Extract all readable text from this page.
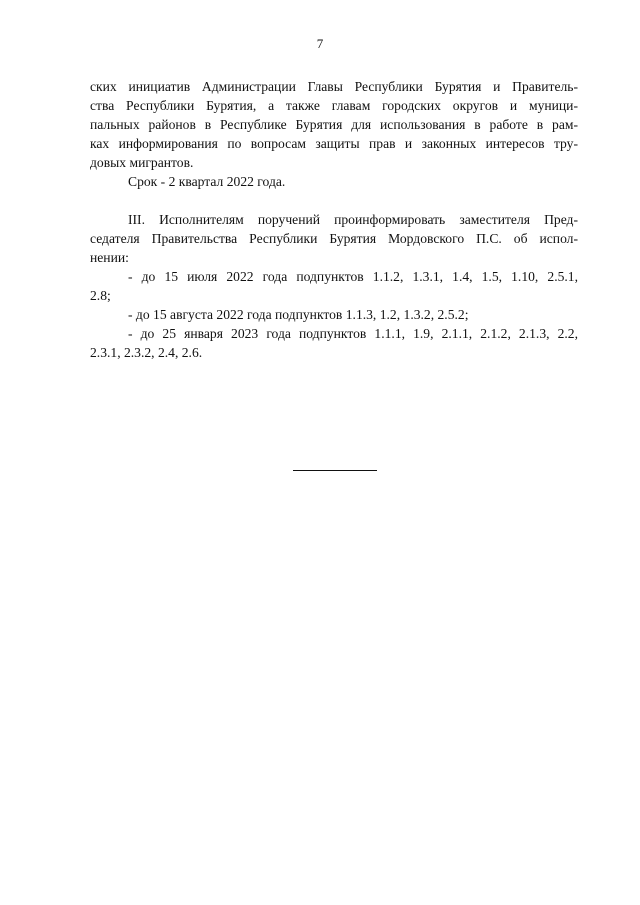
7
ских инициатив Администрации Главы Республики Бурятия и Правитель-
ства Республики Бурятия, а также главам городских округов и муници-
пальных районов в Республике Бурятия для использования в работе в рам-
ках информирования по вопросам защиты прав и законных интересов тру-
довых мигрантов.
Срок - 2 квартал 2022 года.
III. Исполнителям поручений проинформировать заместителя Пред-
седателя Правительства Республики Бурятия Мордовского П.С. об испол-
нении:
- до 15 июля 2022 года подпунктов 1.1.2, 1.3.1, 1.4, 1.5, 1.10, 2.5.1,
2.8;
- до 15 августа 2022 года подпунктов 1.1.3, 1.2, 1.3.2, 2.5.2;
- до 25 января 2023 года подпунктов 1.1.1, 1.9, 2.1.1, 2.1.2, 2.1.3, 2.2,
2.3.1, 2.3.2, 2.4, 2.6.
